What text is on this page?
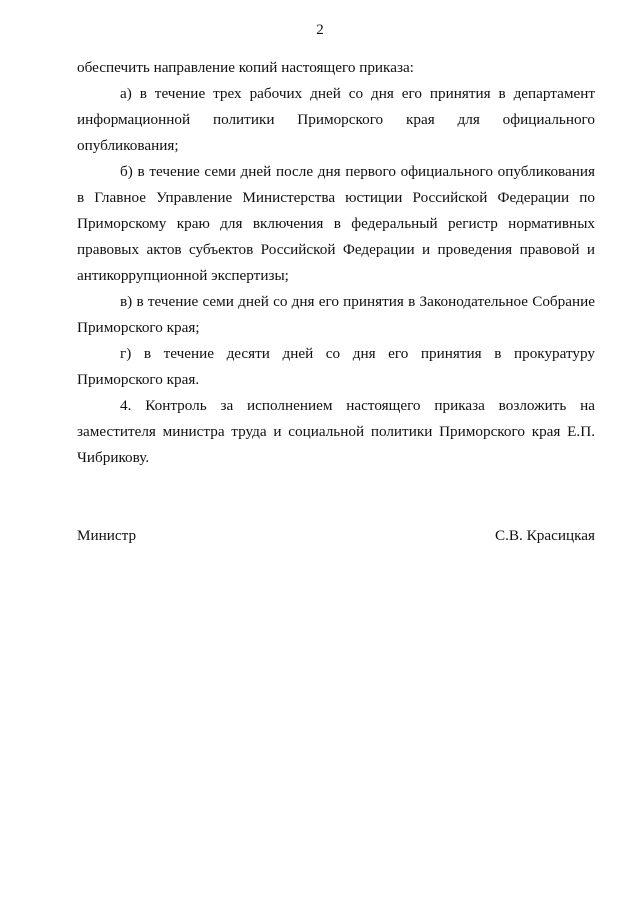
2

обеспечить направление копий настоящего приказа:

а) в течение трех рабочих дней со дня его принятия в департамент информационной политики Приморского края для официального опубликования;

б) в течение семи дней после дня первого официального опубликования в Главное Управление Министерства юстиции Российской Федерации по Приморскому краю для включения в федеральный регистр нормативных правовых актов субъектов Российской Федерации и проведения правовой и антикоррупционной экспертизы;

в) в течение семи дней со дня его принятия в Законодательное Собрание Приморского края;

г) в течение десяти дней со дня его принятия в прокуратуру Приморского края.

4. Контроль за исполнением настоящего приказа возложить на заместителя министра труда и социальной политики Приморского края Е.П. Чибрикову.

Министр	С.В. Красицкая
